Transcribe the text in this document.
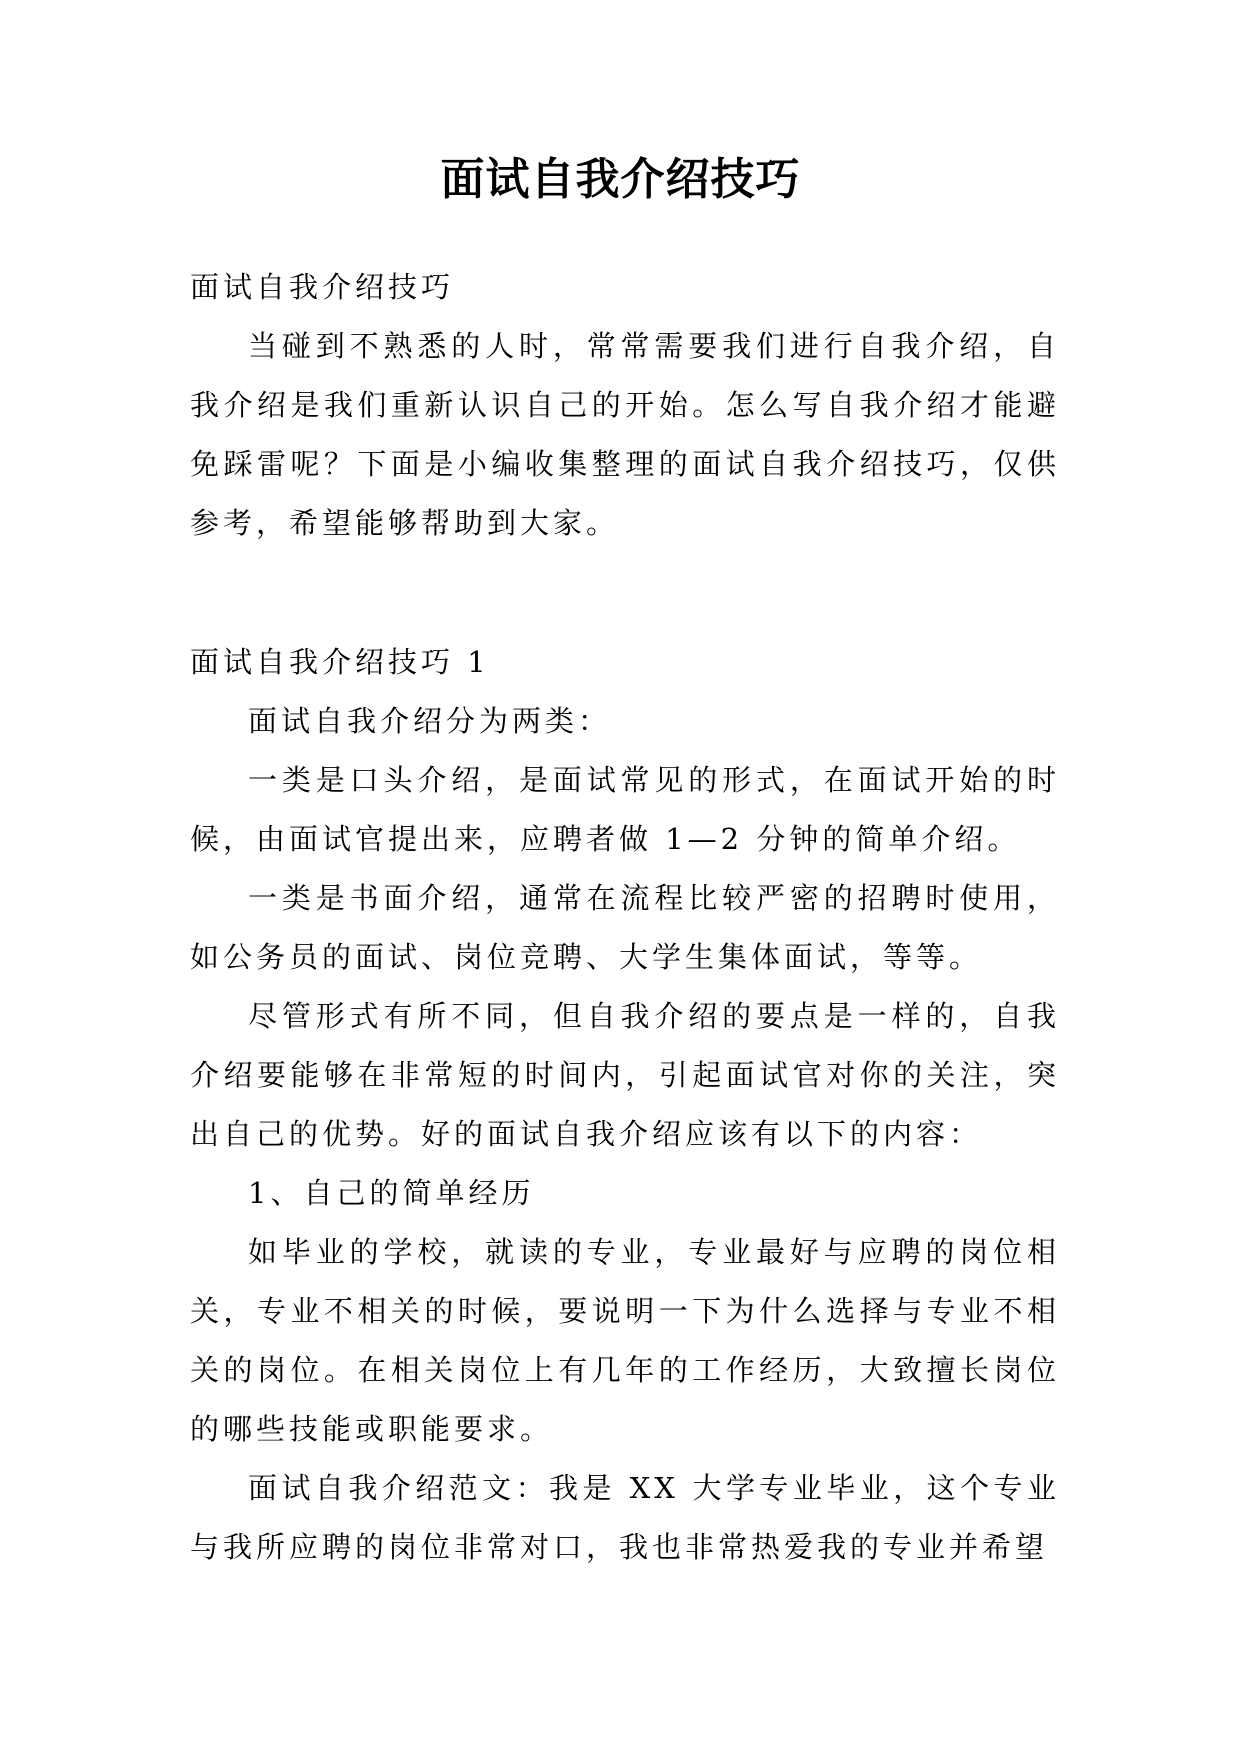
面试自我介绍技巧

面试自我介绍技巧

当碰到不熟悉的人时，常常需要我们进行自我介绍，自我介绍是我们重新认识自己的开始。怎么写自我介绍才能避免踩雷呢？下面是小编收集整理的面试自我介绍技巧，仅供参考，希望能够帮助到大家。

面试自我介绍技巧 1

面试自我介绍分为两类：

一类是口头介绍，是面试常见的形式，在面试开始的时候，由面试官提出来，应聘者做 1—2 分钟的简单介绍。

一类是书面介绍，通常在流程比较严密的招聘时使用，如公务员的面试、岗位竞聘、大学生集体面试，等等。

尽管形式有所不同，但自我介绍的要点是一样的，自我介绍要能够在非常短的时间内，引起面试官对你的关注，突出自己的优势。好的面试自我介绍应该有以下的内容：

1、自己的简单经历

如毕业的学校，就读的专业，专业最好与应聘的岗位相关，专业不相关的时候，要说明一下为什么选择与专业不相关的岗位。在相关岗位上有几年的工作经历，大致擅长岗位的哪些技能或职能要求。

面试自我介绍范文：我是 XX 大学专业毕业，这个专业与我所应聘的岗位非常对口，我也非常热爱我的专业并希望
